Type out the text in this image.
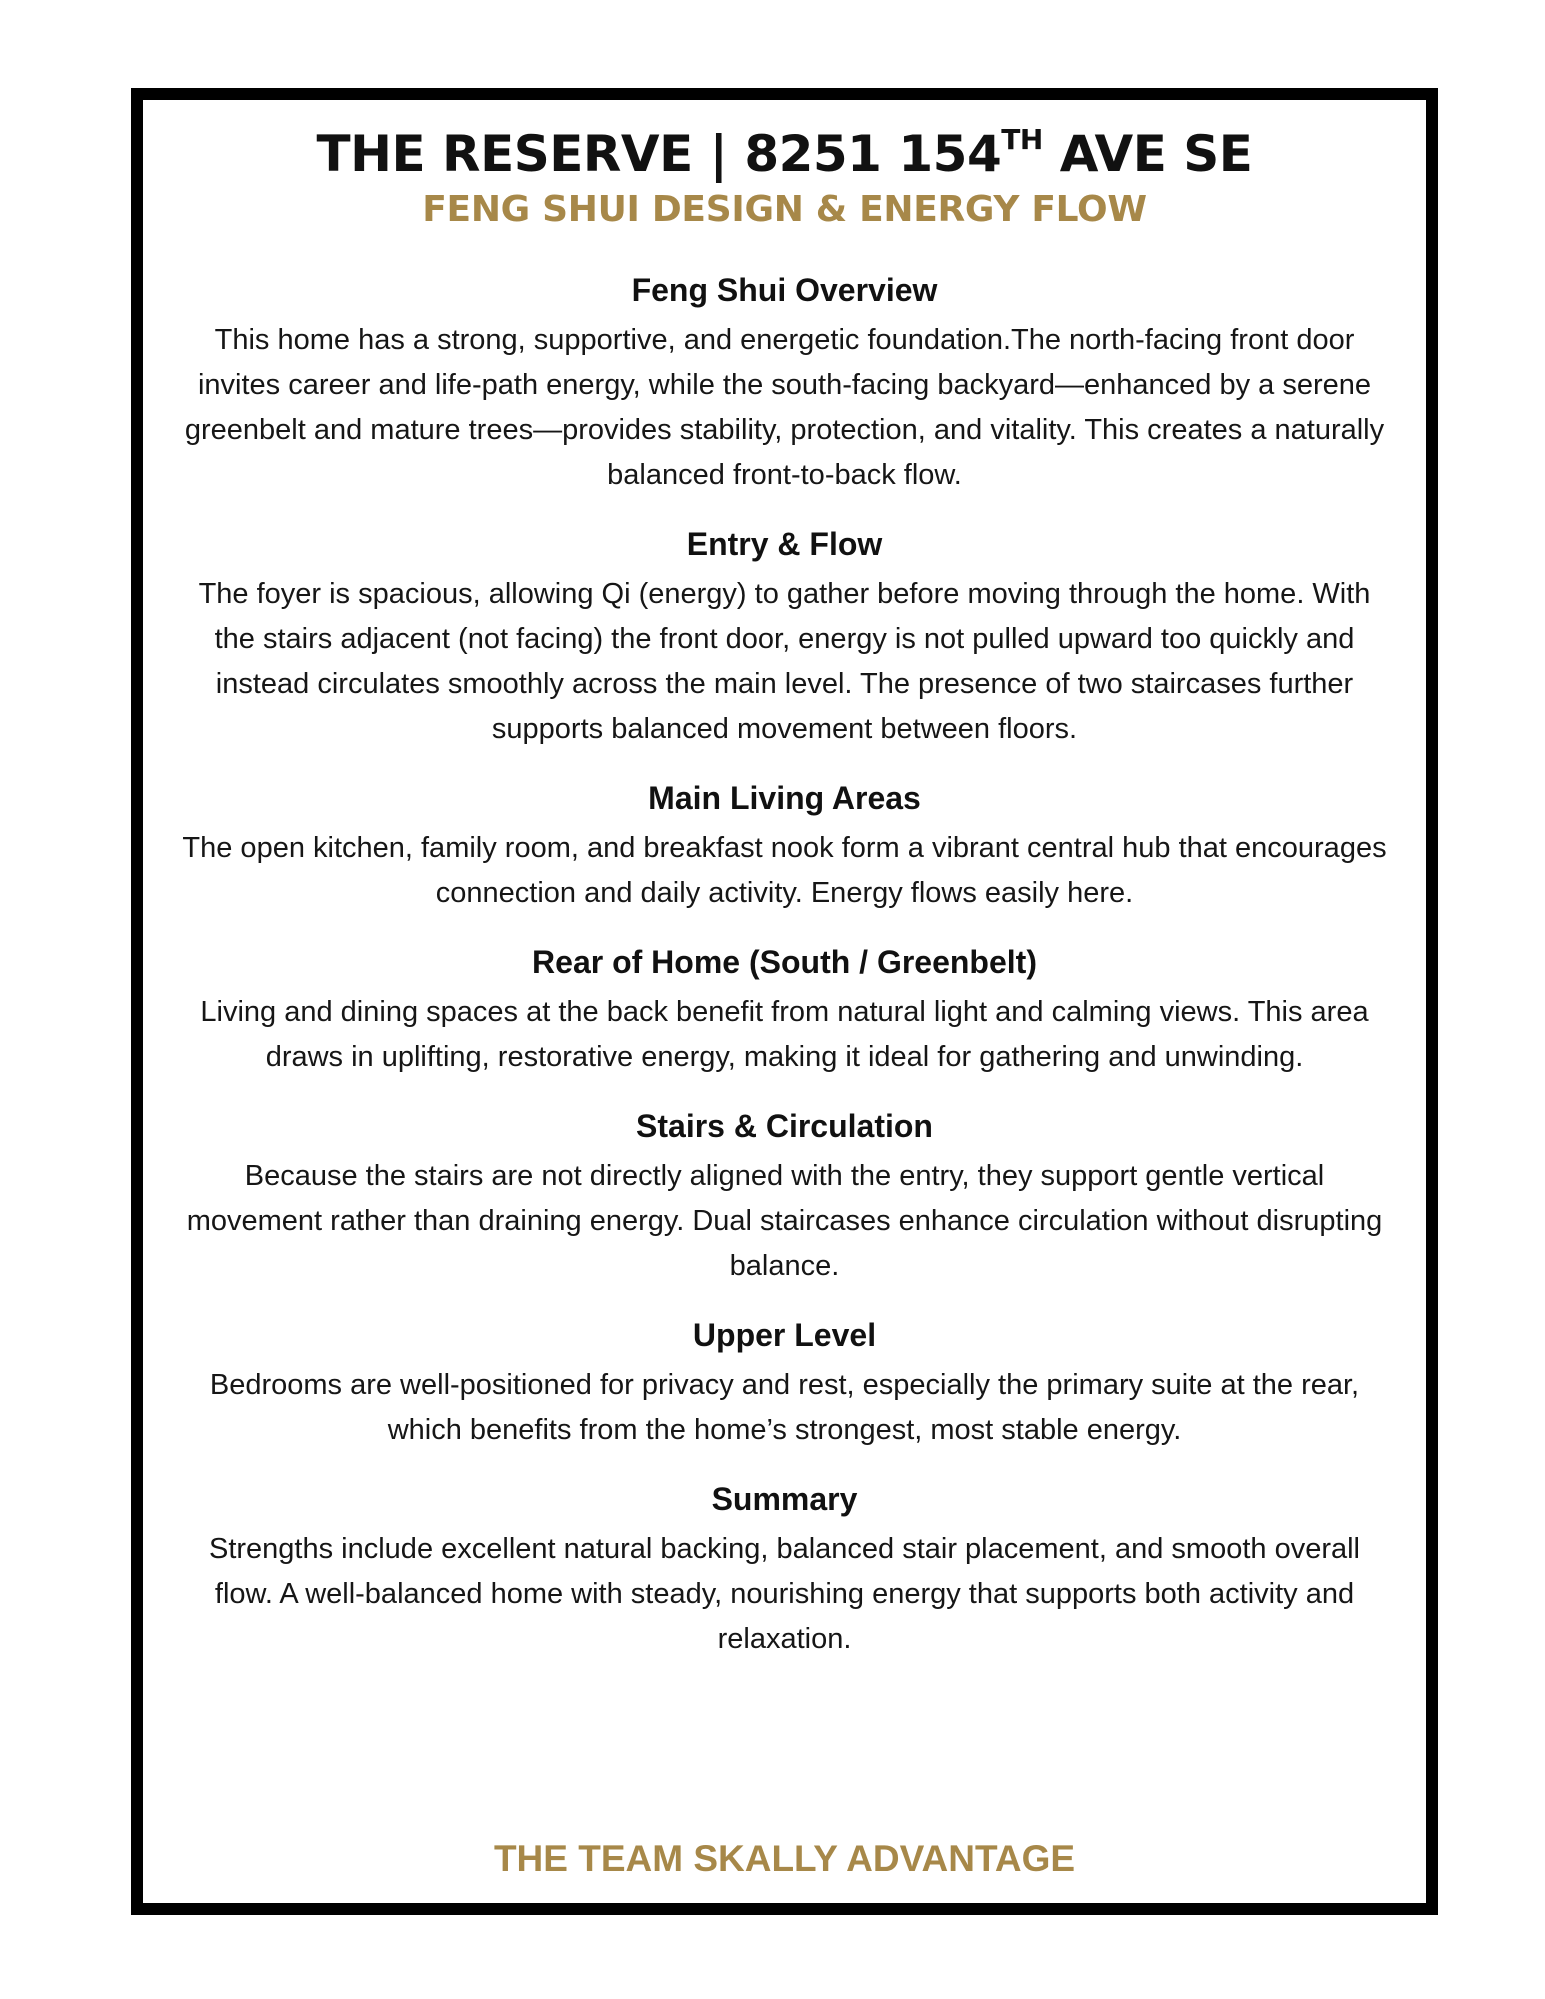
THE RESERVE | 8251 154TH AVE SE
FENG SHUI DESIGN & ENERGY FLOW
Feng Shui Overview
This home has a strong, supportive, and energetic foundation.The north-facing front door invites career and life-path energy, while the south-facing backyard—enhanced by a serene greenbelt and mature trees—provides stability, protection, and vitality. This creates a naturally balanced front-to-back flow.
Entry & Flow
The foyer is spacious, allowing Qi (energy) to gather before moving through the home. With the stairs adjacent (not facing) the front door, energy is not pulled upward too quickly and instead circulates smoothly across the main level. The presence of two staircases further supports balanced movement between floors.
Main Living Areas
The open kitchen, family room, and breakfast nook form a vibrant central hub that encourages connection and daily activity. Energy flows easily here.
Rear of Home (South / Greenbelt)
Living and dining spaces at the back benefit from natural light and calming views. This area draws in uplifting, restorative energy, making it ideal for gathering and unwinding.
Stairs & Circulation
Because the stairs are not directly aligned with the entry, they support gentle vertical movement rather than draining energy. Dual staircases enhance circulation without disrupting balance.
Upper Level
Bedrooms are well-positioned for privacy and rest, especially the primary suite at the rear, which benefits from the home’s strongest, most stable energy.
Summary
Strengths include excellent natural backing, balanced stair placement, and smooth overall flow. A well-balanced home with steady, nourishing energy that supports both activity and relaxation.
THE TEAM SKALLY ADVANTAGE
